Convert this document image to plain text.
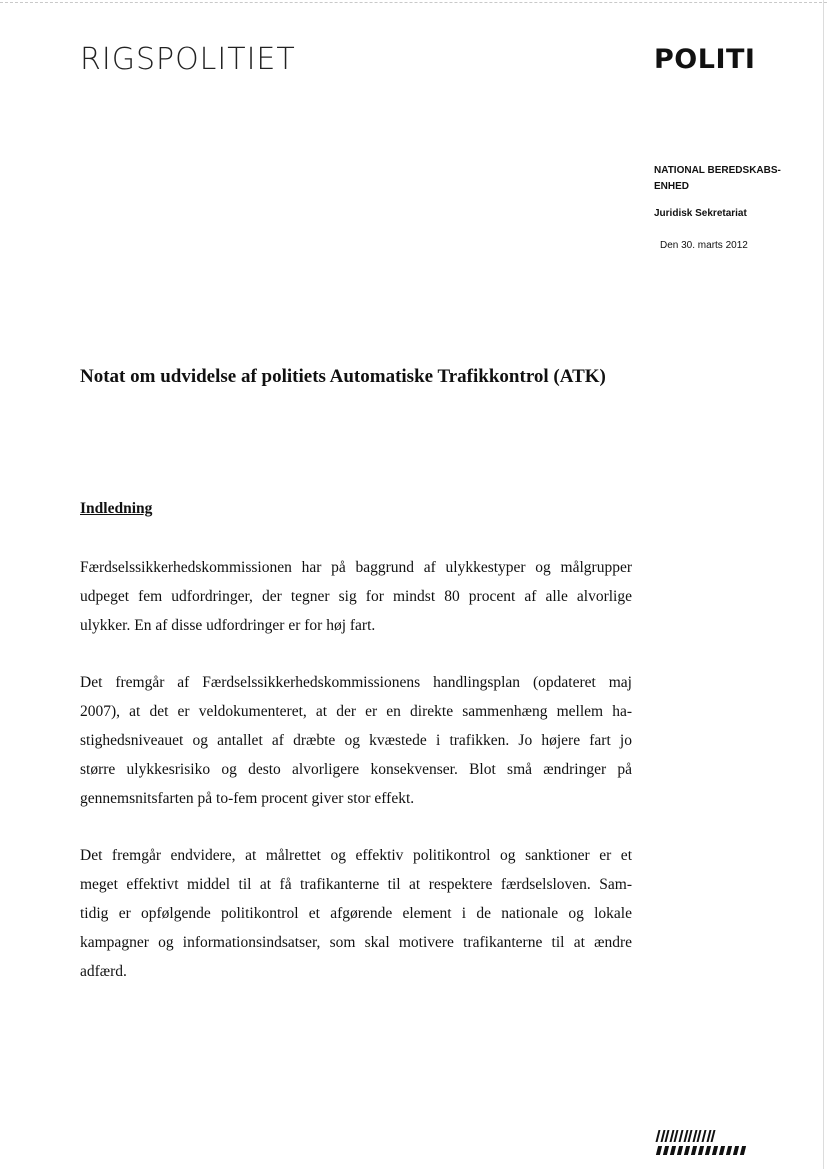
RIGSPOLITIET	POLITI
NATIONAL BEREDSKABS-
ENHED
Juridisk Sekretariat
Den 30. marts 2012
Notat om udvidelse af politiets Automatiske Trafikkontrol (ATK)
Indledning

Færdselssikkerhedskommissionen har på baggrund af ulykkestyper og målgrupper
udpeget fem udfordringer, der tegner sig for mindst 80 procent af alle alvorlige
ulykker. En af disse udfordringer er for høj fart.

Det fremgår af Færdselssikkerhedskommissionens handlingsplan (opdateret maj
2007), at det er veldokumenteret, at der er en direkte sammenhæng mellem ha-
stighedsniveauet og antallet af dræbte og kvæstede i trafikken. Jo højere fart jo
større ulykkesrisiko og desto alvorligere konsekvenser. Blot små ændringer på
gennemsnitsfarten på to-fem procent giver stor effekt.

Det fremgår endvidere, at målrettet og effektiv politikontrol og sanktioner er et
meget effektivt middel til at få trafikanterne til at respektere færdselsloven. Sam-
tidig er opfølgende politikontrol et afgørende element i de nationale og lokale
kampagner og informationsindsatser, som skal motivere trafikanterne til at ændre
adfærd.
